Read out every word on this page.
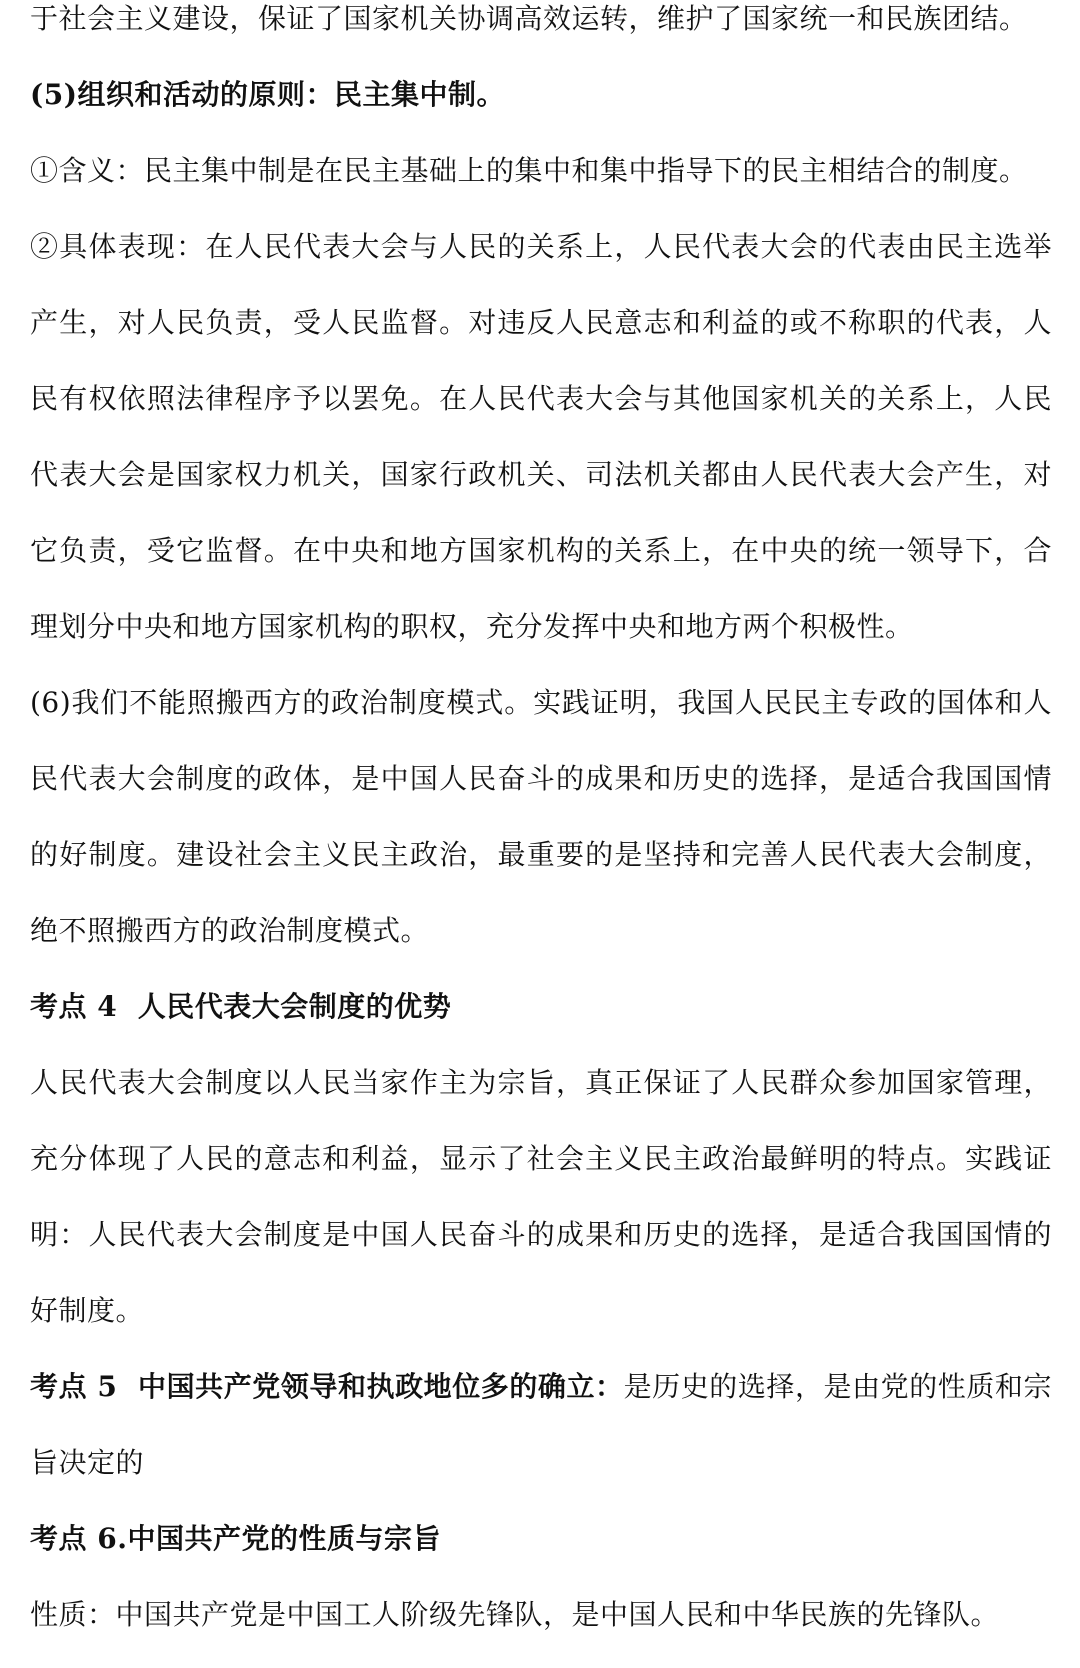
于社会主义建设，保证了国家机关协调高效运转，维护了国家统一和民族团结。

(5)组织和活动的原则：民主集中制。

①含义：民主集中制是在民主基础上的集中和集中指导下的民主相结合的制度。

②具体表现：在人民代表大会与人民的关系上，人民代表大会的代表由民主选举产生，对人民负责，受人民监督。对违反人民意志和利益的或不称职的代表，人民有权依照法律程序予以罢免。在人民代表大会与其他国家机关的关系上，人民代表大会是国家权力机关，国家行政机关、司法机关都由人民代表大会产生，对它负责，受它监督。在中央和地方国家机构的关系上，在中央的统一领导下，合理划分中央和地方国家机构的职权，充分发挥中央和地方两个积极性。

(6)我们不能照搬西方的政治制度模式。实践证明，我国人民民主专政的国体和人民代表大会制度的政体，是中国人民奋斗的成果和历史的选择，是适合我国国情的好制度。建设社会主义民主政治，最重要的是坚持和完善人民代表大会制度，绝不照搬西方的政治制度模式。

考点 4  人民代表大会制度的优势

人民代表大会制度以人民当家作主为宗旨，真正保证了人民群众参加国家管理，充分体现了人民的意志和利益，显示了社会主义民主政治最鲜明的特点。实践证明：人民代表大会制度是中国人民奋斗的成果和历史的选择，是适合我国国情的好制度。

考点 5  中国共产党领导和执政地位多的确立：是历史的选择，是由党的性质和宗旨决定的

考点 6.中国共产党的性质与宗旨

性质：中国共产党是中国工人阶级先锋队，是中国人民和中华民族的先锋队。
